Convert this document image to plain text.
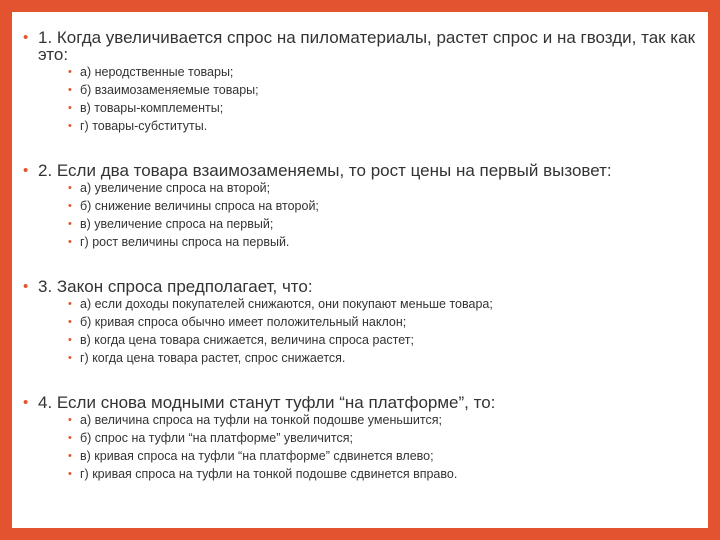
• 1. Когда увеличивается спрос на пиломатериалы, растет спрос и на гвозди, так как это:
• а) неродственные товары;
• б) взаимозаменяемые товары;
• в) товары-комплементы;
• г) товары-субституты.
• 2. Если два товара взаимозаменяемы, то рост цены на первый вызовет:
• а) увеличение спроса на второй;
• б) снижение величины спроса на второй;
• в) увеличение спроса на первый;
• г) рост величины спроса на первый.
• 3. Закон спроса предполагает, что:
• а) если доходы покупателей снижаются, они покупают меньше товара;
• б) кривая спроса обычно имеет положительный наклон;
• в) когда цена товара снижается, величина спроса растет;
• г) когда цена товара растет, спрос снижается.
• 4. Если снова модными станут туфли “на платформе”, то:
• а) величина спроса на туфли на тонкой подошве уменьшится;
• б) спрос на туфли “на платформе” увеличится;
• в) кривая спроса на туфли “на платформе” сдвинется влево;
• г) кривая спроса на туфли на тонкой подошве сдвинется вправо.
